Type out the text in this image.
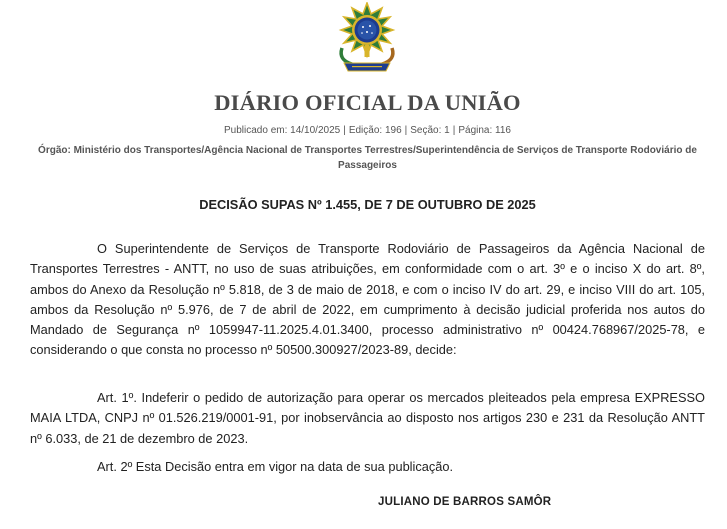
DIÁRIO OFICIAL DA UNIÃO
Publicado em: 14/10/2025 | Edição: 196 | Seção: 1 | Página: 116
Órgão: Ministério dos Transportes/Agência Nacional de Transportes Terrestres/Superintendência de Serviços de Transporte Rodoviário de Passageiros
DECISÃO SUPAS Nº 1.455, DE 7 DE OUTUBRO DE 2025

O Superintendente de Serviços de Transporte Rodoviário de Passageiros da Agência Nacional de Transportes Terrestres - ANTT, no uso de suas atribuições, em conformidade com o art. 3º e o inciso X do art. 8º, ambos do Anexo da Resolução nº 5.818, de 3 de maio de 2018, e com o inciso IV do art. 29, e inciso VIII do art. 105, ambos da Resolução nº 5.976, de 7 de abril de 2022, em cumprimento à decisão judicial proferida nos autos do Mandado de Segurança nº 1059947-11.2025.4.01.3400, processo administrativo nº 00424.768967/2025-78, e considerando o que consta no processo nº 50500.300927/2023-89, decide:

Art. 1º. Indeferir o pedido de autorização para operar os mercados pleiteados pela empresa EXPRESSO MAIA LTDA, CNPJ nº 01.526.219/0001-91, por inobservância ao disposto nos artigos 230 e 231 da Resolução ANTT nº 6.033, de 21 de dezembro de 2023.

Art. 2º Esta Decisão entra em vigor na data de sua publicação.

JULIANO DE BARROS SAMÔR
